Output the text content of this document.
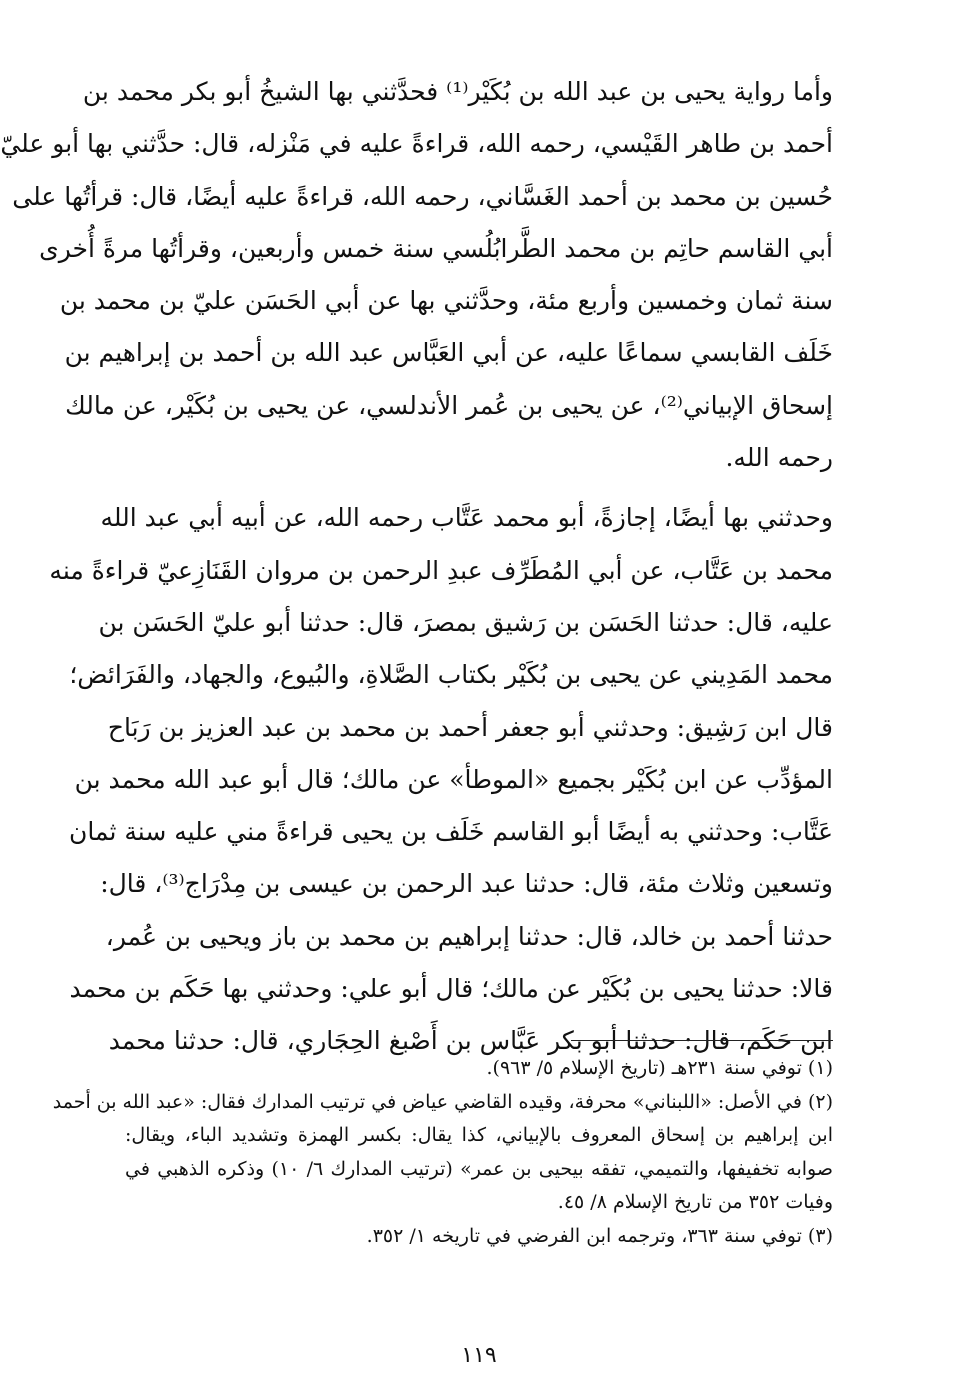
وأما رواية يحيى بن عبد الله بن بُكَيْر⁽¹⁾ فحدَّثني بها الشيخُ أبو بكر محمد بن
أحمد بن طاهر القَيْسي، رحمه الله، قراءةً عليه في مَنْزله، قال: حدَّثني بها أبو عليّ
حُسين بن محمد بن أحمد الغَسَّاني، رحمه الله، قراءةً عليه أيضًا، قال: قرأتُها على
أبي القاسم حاتِم بن محمد الطَّرابُلُسي سنة خمس وأربعين، وقرأتُها مرةً أُخرى
سنة ثمان وخمسين وأربع مئة، وحدَّثني بها عن أبي الحَسَن عليّ بن محمد بن
خَلَف القابسي سماعًا عليه، عن أبي العَبَّاس عبد الله بن أحمد بن إبراهيم بن
إسحاق الإبياني⁽²⁾، عن يحيى بن عُمر الأندلسي، عن يحيى بن بُكَيْر، عن مالك
رحمه الله.
وحدثني بها أيضًا، إجازةً، أبو محمد عَتَّاب رحمه الله، عن أبيه أبي عبد الله
محمد بن عَتَّاب، عن أبي المُطَرِّف عبدِ الرحمن بن مروان القَنَازِعيّ قراءةً منه
عليه، قال: حدثنا الحَسَن بن رَشيق بمصرَ، قال: حدثنا أبو عليّ الحَسَن بن
محمد المَدِيني عن يحيى بن بُكَيْر بكتاب الصَّلاةِ، والبُيوع، والجهاد، والفَرَائض؛
قال ابن رَشِيق: وحدثني أبو جعفر أحمد بن محمد بن عبد العزيز بن رَبَاح
المؤدِّب عن ابن بُكَيْر بجميع «الموطأ» عن مالك؛ قال أبو عبد الله محمد بن
عَتَّاب: وحدثني به أيضًا أبو القاسم خَلَف بن يحيى قراءةً مني عليه سنة ثمان
وتسعين وثلاث مئة، قال: حدثنا عبد الرحمن بن عيسى بن مِدْرَاج⁽³⁾، قال:
حدثنا أحمد بن خالد، قال: حدثنا إبراهيم بن محمد بن باز ويحيى بن عُمر،
قالا: حدثنا يحيى بن بُكَيْر عن مالك؛ قال أبو علي: وحدثني بها حَكَم بن محمد
ابن حَكَم، قال: حدثنا أبو بكر عَبَّاس بن أَصْبغ الحِجَاري، قال: حدثنا محمد
(١) توفي سنة ٢٣١هـ (تاريخ الإسلام ٥/ ٩٦٣).
(٢) في الأصل: «اللبناني» محرفة، وقيده القاضي عياض في ترتيب المدارك فقال: «عبد الله بن أحمد
ابن إبراهيم بن إسحاق المعروف بالإبياني، كذا يقال: بكسر الهمزة وتشديد الباء، ويقال:
صوابه تخفيفها، والتميمي، تفقه بيحيى بن عمر» (ترتيب المدارك ٦/ ١٠) وذكره الذهبي في
وفيات ٣٥٢ من تاريخ الإسلام ٨/ ٤٥.
(٣) توفي سنة ٣٦٣، وترجمه ابن الفرضي في تاريخه ١/ ٣٥٢.
١١٩
